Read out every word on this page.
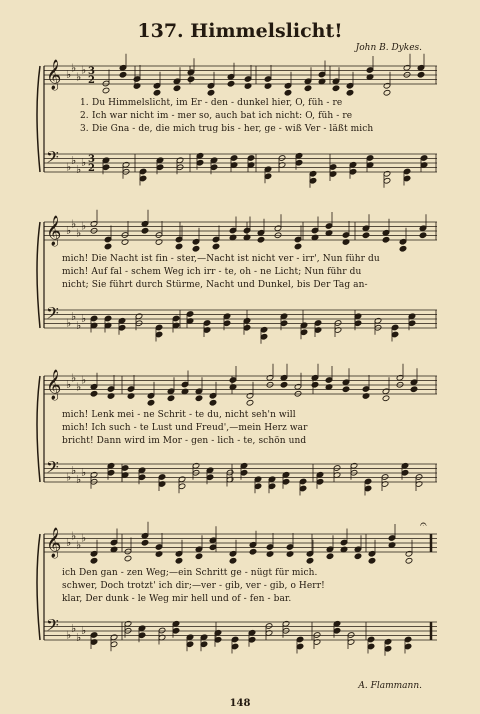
137. Himmelslicht!
John B. Dykes.
𝄞 ♭
♭
♭
♭ 3
2
𝄢 ♭
♭
♭
♭ 3
2
𝄞 ♭
♭
♭
♭
𝄢 ♭
♭
♭
♭
𝄞 ♭
♭
♭
♭
𝄢 ♭
♭
♭
♭
𝄞 ♭
♭
♭
♭
𝄢 ♭
♭
♭
♭
𝄐
1. Du Himmelslicht, im Er - den - dunkel hier, O, füh - re
2. Ich war nicht im - mer so, auch bat ich nicht: O, füh - re
3. Die Gna - de, die mich trug bis - her, ge - wiß Ver - läßt mich
mich! Die Nacht ist fin - ster,—Nacht ist nicht ver - irr', Nun führ du
mich! Auf fal - schem Weg ich irr - te, oh - ne Licht; Nun führ du
nicht; Sie führt durch Stürme, Nacht und Dunkel, bis Der Tag an-
mich! Lenk mei - ne Schrit - te du, nicht seh'n will
mich! Ich such - te Lust und Freud',—mein Herz war
bricht! Dann wird im Mor - gen - lich - te, schön und
ich Den gan - zen Weg;—ein Schritt ge - nügt für mich.
schwer, Doch trotzt' ich dir;—ver - gib, ver - gib, o Herr!
klar, Der dunk - le Weg mir hell und of - fen - bar.
A. Flammann.
148
